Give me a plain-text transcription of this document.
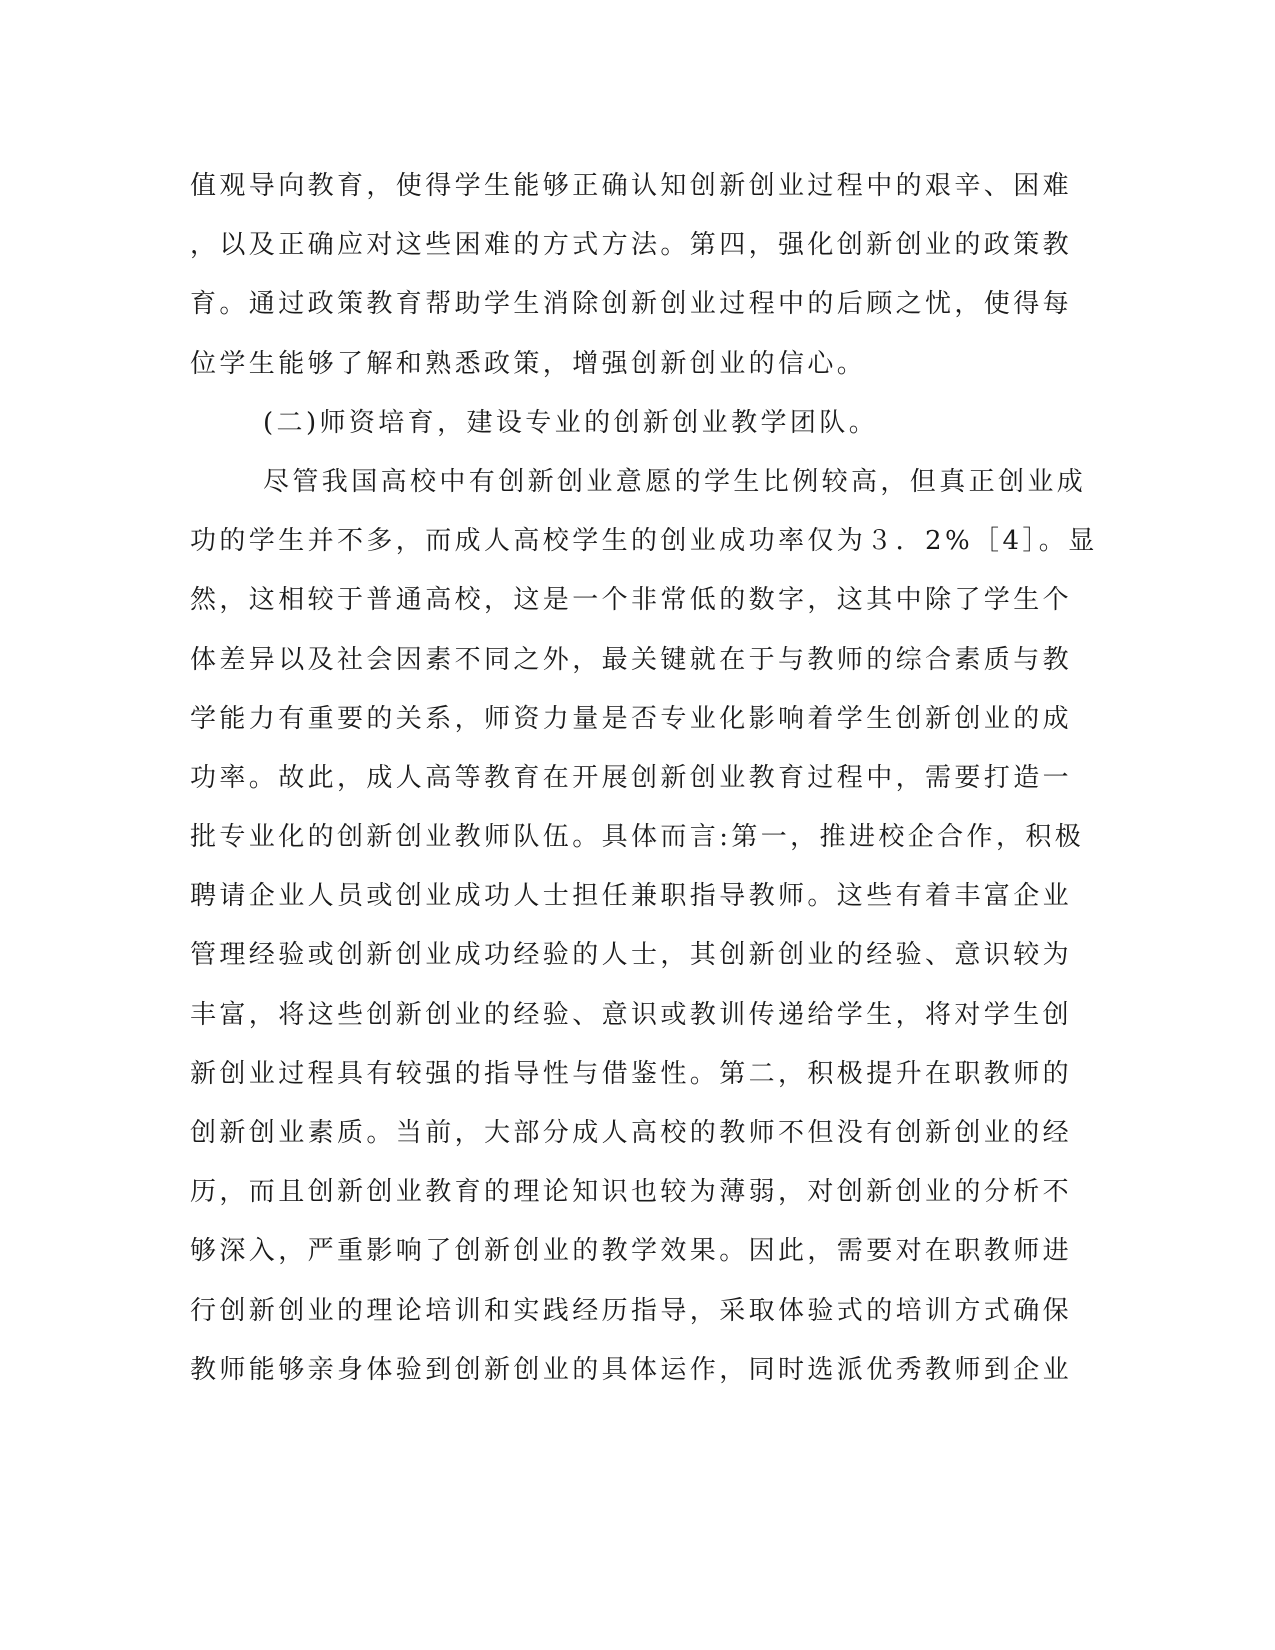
值观导向教育，使得学生能够正确认知创新创业过程中的艰辛、困难
，以及正确应对这些困难的方式方法。第四，强化创新创业的政策教
育。通过政策教育帮助学生消除创新创业过程中的后顾之忧，使得每
位学生能够了解和熟悉政策，增强创新创业的信心。
(二)师资培育，建设专业的创新创业教学团队。
尽管我国高校中有创新创业意愿的学生比例较高，但真正创业成
功的学生并不多，而成人高校学生的创业成功率仅为３．2%［4］。显
然，这相较于普通高校，这是一个非常低的数字，这其中除了学生个
体差异以及社会因素不同之外，最关键就在于与教师的综合素质与教
学能力有重要的关系，师资力量是否专业化影响着学生创新创业的成
功率。故此，成人高等教育在开展创新创业教育过程中，需要打造一
批专业化的创新创业教师队伍。具体而言:第一，推进校企合作，积极
聘请企业人员或创业成功人士担任兼职指导教师。这些有着丰富企业
管理经验或创新创业成功经验的人士，其创新创业的经验、意识较为
丰富，将这些创新创业的经验、意识或教训传递给学生，将对学生创
新创业过程具有较强的指导性与借鉴性。第二，积极提升在职教师的
创新创业素质。当前，大部分成人高校的教师不但没有创新创业的经
历，而且创新创业教育的理论知识也较为薄弱，对创新创业的分析不
够深入，严重影响了创新创业的教学效果。因此，需要对在职教师进
行创新创业的理论培训和实践经历指导，采取体验式的培训方式确保
教师能够亲身体验到创新创业的具体运作，同时选派优秀教师到企业
